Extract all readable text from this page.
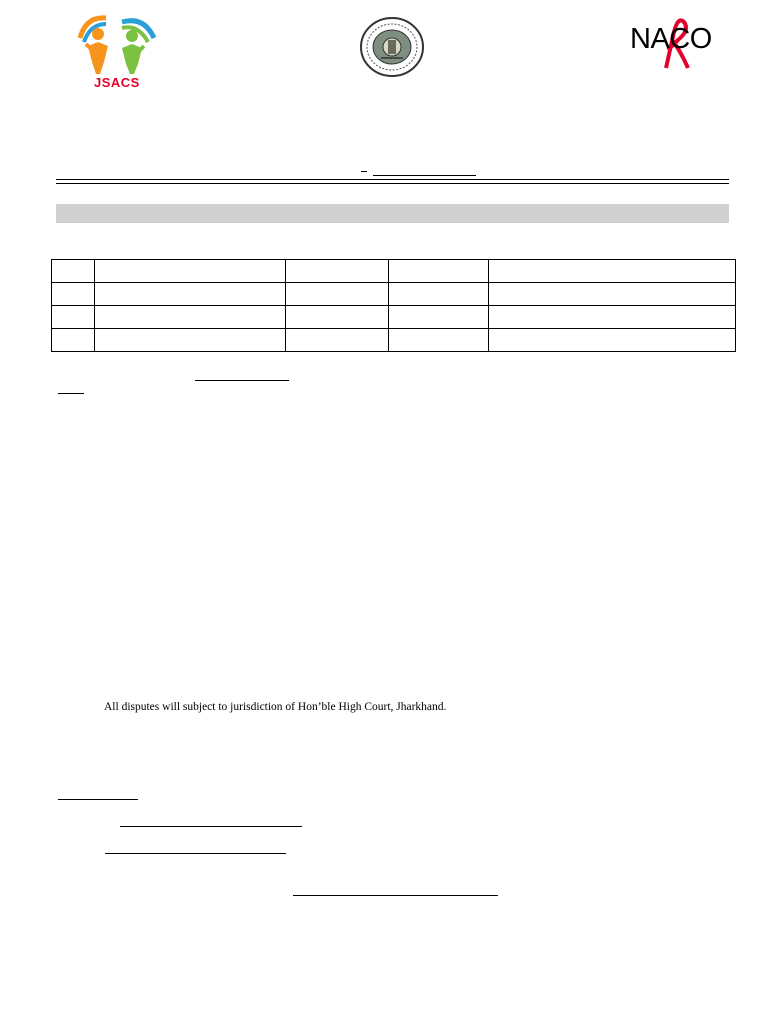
JSACS
NACO

All disputes will subject to jurisdiction of Hon’ble High Court, Jharkhand.
